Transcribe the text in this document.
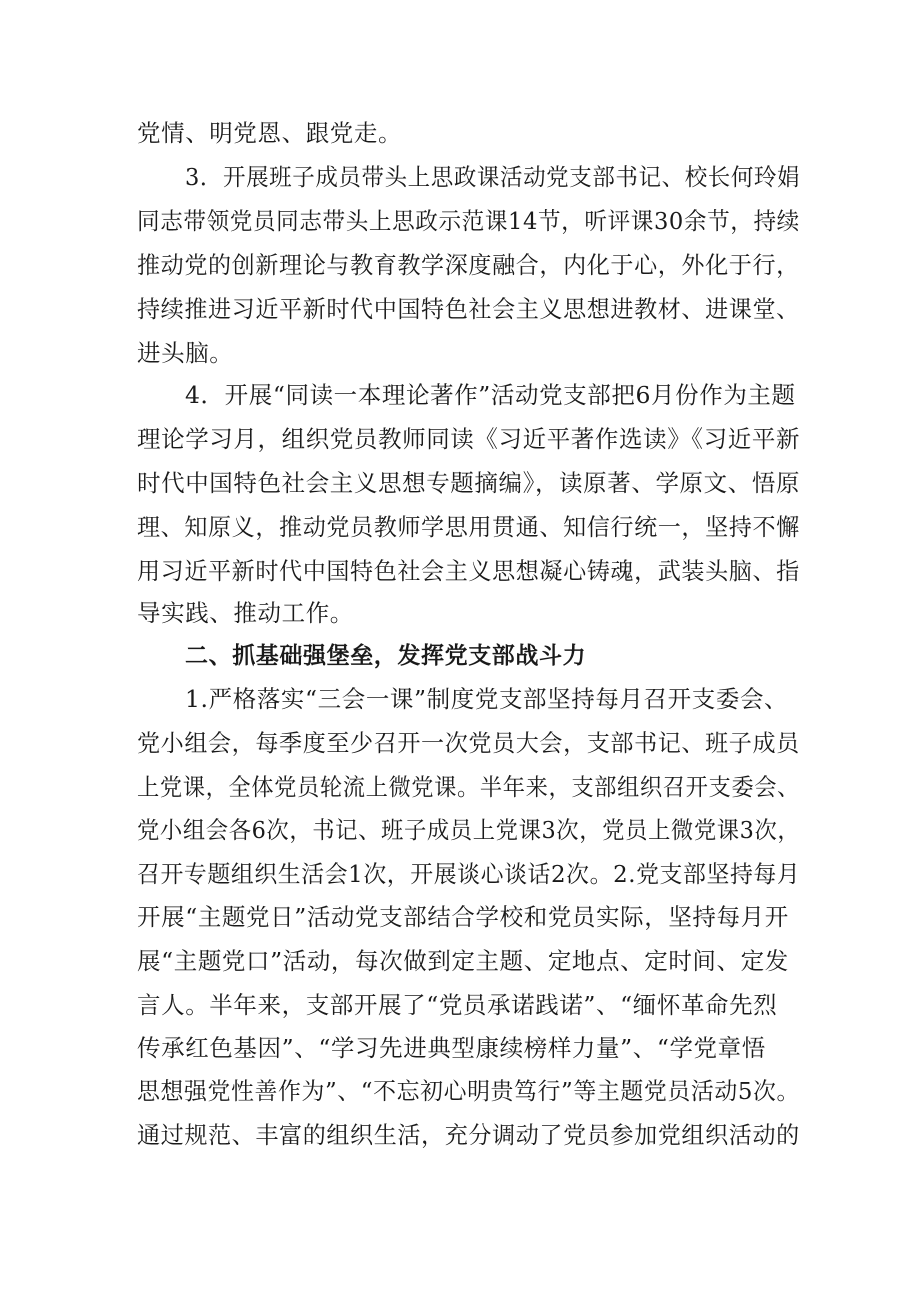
党情、明党恩、跟党走。
3．开展班子成员带头上思政课活动党支部书记、校长何玲娟
同志带领党员同志带头上思政示范课14节，听评课30余节，持续
推动党的创新理论与教育教学深度融合，内化于心，外化于行，
持续推进习近平新时代中国特色社会主义思想进教材、进课堂、
进头脑。
4．开展“同读一本理论著作”活动党支部把6月份作为主题
理论学习月，组织党员教师同读《习近平著作选读》《习近平新
时代中国特色社会主义思想专题摘编》，读原著、学原文、悟原
理、知原义，推动党员教师学思用贯通、知信行统一，坚持不懈
用习近平新时代中国特色社会主义思想凝心铸魂，武装头脑、指
导实践、推动工作。
二、抓基础强堡垒，发挥党支部战斗力
1.严格落实“三会一课”制度党支部坚持每月召开支委会、
党小组会，每季度至少召开一次党员大会，支部书记、班子成员
上党课，全体党员轮流上微党课。半年来，支部组织召开支委会、
党小组会各6次，书记、班子成员上党课3次，党员上微党课3次，
召开专题组织生活会1次，开展谈心谈话2次。2.党支部坚持每月
开展“主题党日”活动党支部结合学校和党员实际，坚持每月开
展“主题党口”活动，每次做到定主题、定地点、定时间、定发
言人。半年来，支部开展了“党员承诺践诺”、“缅怀革命先烈
传承红色基因”、“学习先进典型康续榜样力量”、“学党章悟
思想强党性善作为”、“不忘初心明贵笃行”等主题党员活动5次。
通过规范、丰富的组织生活，充分调动了党员参加党组织活动的
